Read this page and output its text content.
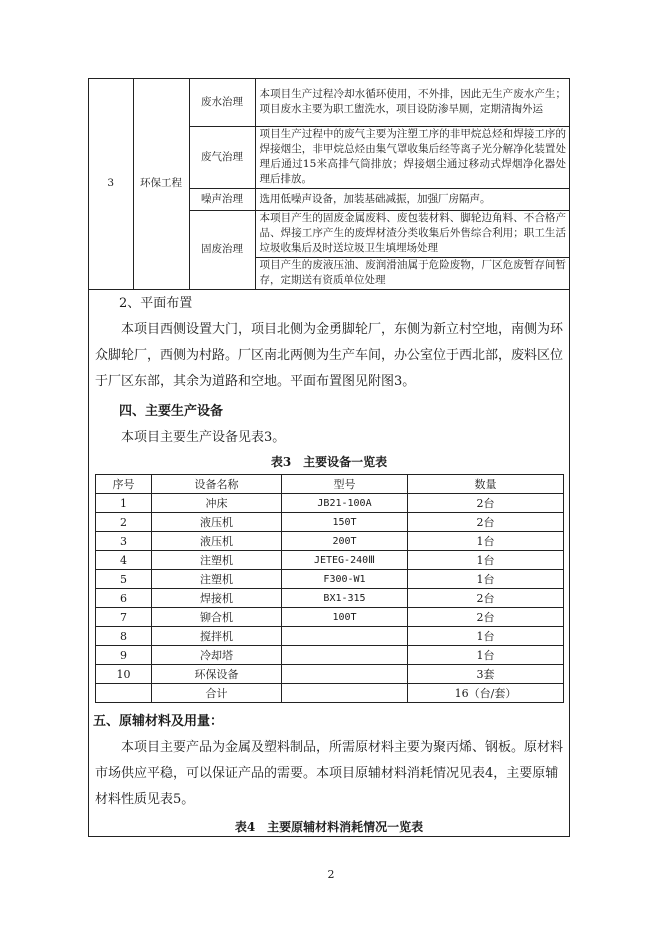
3	环保工程	废水治理	本项目生产过程冷却水循环使用，不外排，因此无生产废水产生；项目废水主要为职工盥洗水，项目设防渗旱厕，定期清掏外运
		废气治理	项目生产过程中的废气主要为注塑工序的非甲烷总烃和焊接工序的焊接烟尘，非甲烷总烃由集气罩收集后经等离子光分解净化装置处理后通过15米高排气筒排放；焊接烟尘通过移动式焊烟净化器处理后排放。
		噪声治理	选用低噪声设备，加装基础减振，加强厂房隔声。
		固废治理	本项目产生的固废金属废料、废包装材料、脚轮边角料、不合格产品、焊接工序产生的废焊材渣分类收集后外售综合利用；职工生活垃圾收集后及时送垃圾卫生填埋场处理
			项目产生的废液压油、废润滑油属于危险废物，厂区危废暂存间暂存，定期送有资质单位处理
2、平面布置
本项目西侧设置大门，项目北侧为金勇脚轮厂，东侧为新立村空地，南侧为环众脚轮厂，西侧为村路。厂区南北两侧为生产车间，办公室位于西北部，废料区位于厂区东部，其余为道路和空地。平面布置图见附图3。
四、主要生产设备
本项目主要生产设备见表3。
表3　主要设备一览表
序号	设备名称	型号	数量
1	冲床	JB21-100A	2台
2	液压机	150T	2台
3	液压机	200T	1台
4	注塑机	JETEG-240Ⅲ	1台
5	注塑机	F300-W1	1台
6	焊接机	BX1-315	2台
7	铆合机	100T	2台
8	搅拌机		1台
9	冷却塔		1台
10	环保设备		3套
	合计		16（台/套）
五、原辅材料及用量：
本项目主要产品为金属及塑料制品，所需原材料主要为聚丙烯、钢板。原材料市场供应平稳，可以保证产品的需要。本项目原辅材料消耗情况见表4，主要原辅材料性质见表5。
表4　主要原辅材料消耗情况一览表
2
